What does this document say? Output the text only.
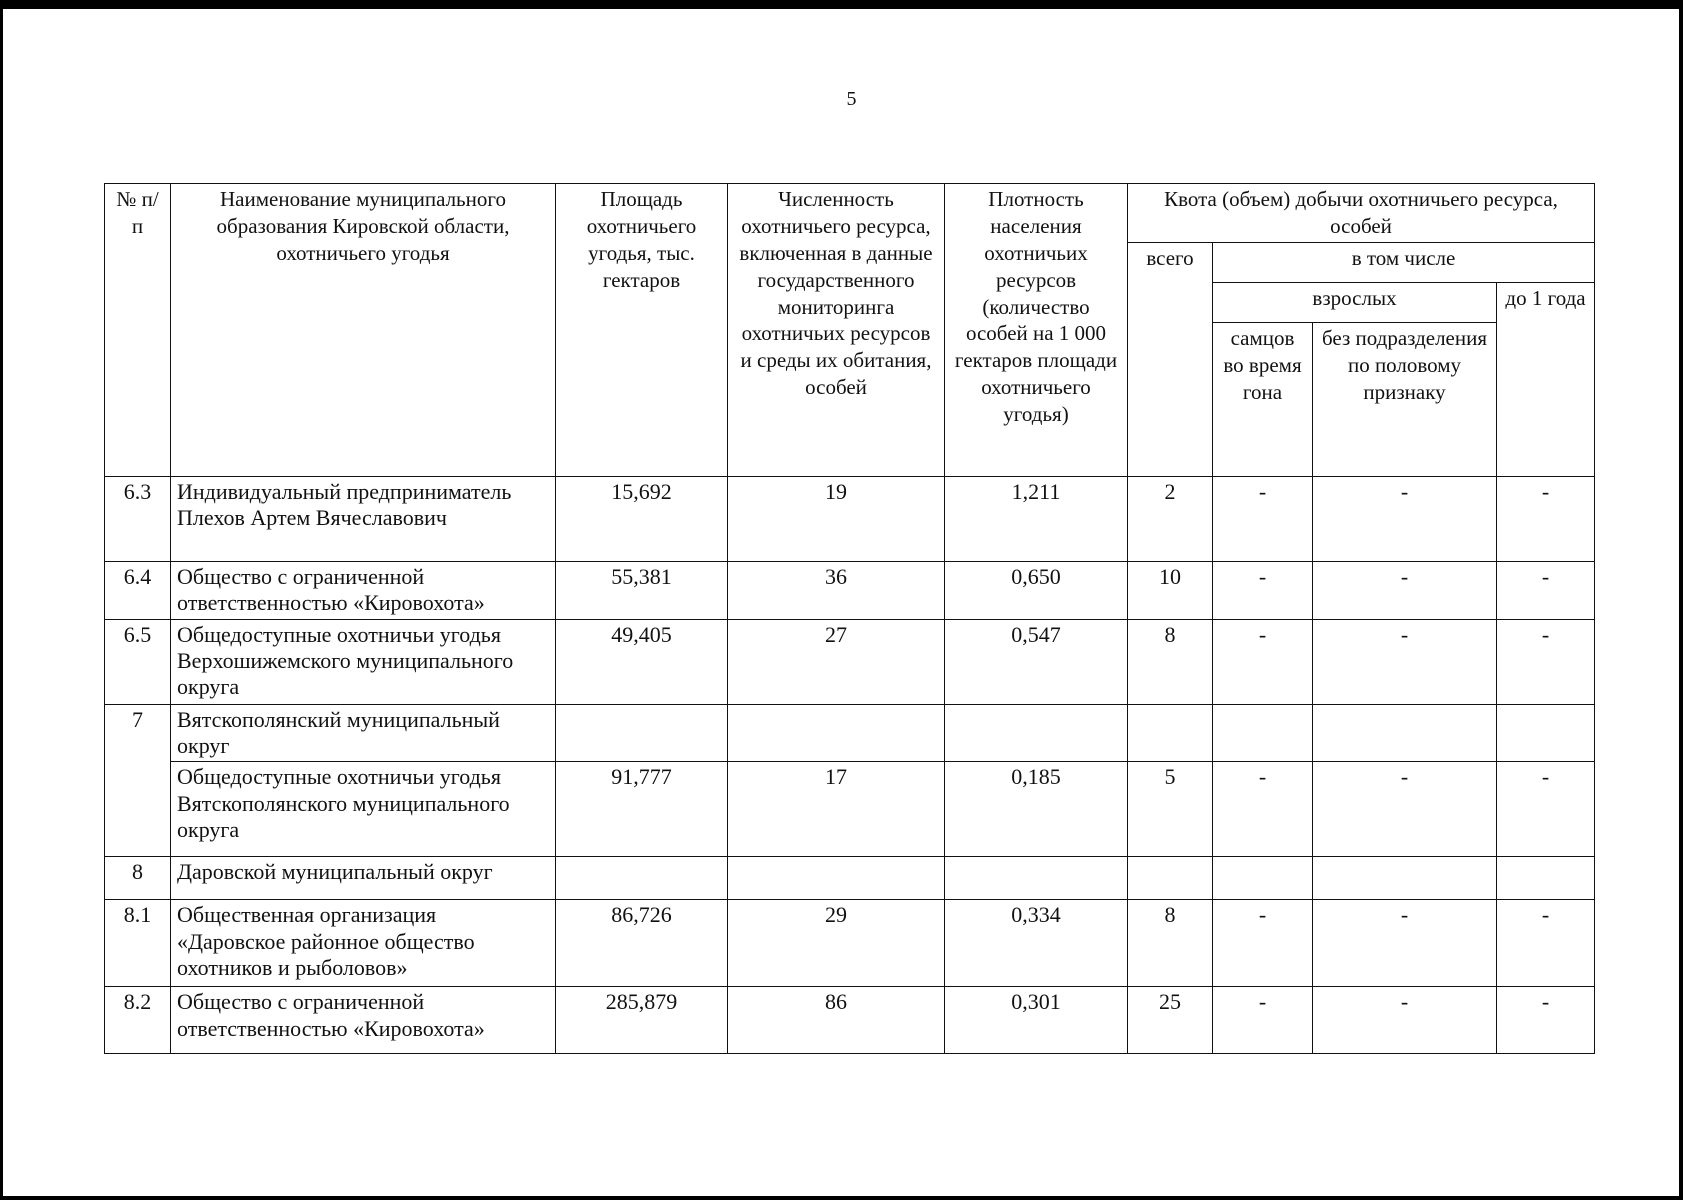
5
№ п/п	Наименование муниципального образования Кировской области, охотничьего угодья	Площадь охотничьего угодья, тыс. гектаров	Численность охотничьего ресурса, включенная в данные государственного мониторинга охотничьих ресурсов и среды их обитания, особей	Плотность населения охотничьих ресурсов (количество особей на 1 000 гектаров площади охотничьего угодья)	Квота (объем) добычи охотничьего ресурса, особей			
					всего	в том числе		
						взрослых		до 1 года
						самцов во время гона	без подразделения по половому признаку	
6.3	Индивидуальный предприниматель Плехов Артем Вячеславович	15,692	19	1,211	2	-	-	-
6.4	Общество с ограниченной ответственностью «Кировохота»	55,381	36	0,650	10	-	-	-
6.5	Общедоступные охотничьи угодья Верхошижемского муниципального округа	49,405	27	0,547	8	-	-	-
7	Вятскополянский муниципальный округ							
	Общедоступные охотничьи угодья Вятскополянского муниципального округа	91,777	17	0,185	5	-	-	-
8	Даровской муниципальный округ							
8.1	Общественная организация «Даровское районное общество охотников и рыболовов»	86,726	29	0,334	8	-	-	-
8.2	Общество с ограниченной ответственностью «Кировохота»	285,879	86	0,301	25	-	-	-
